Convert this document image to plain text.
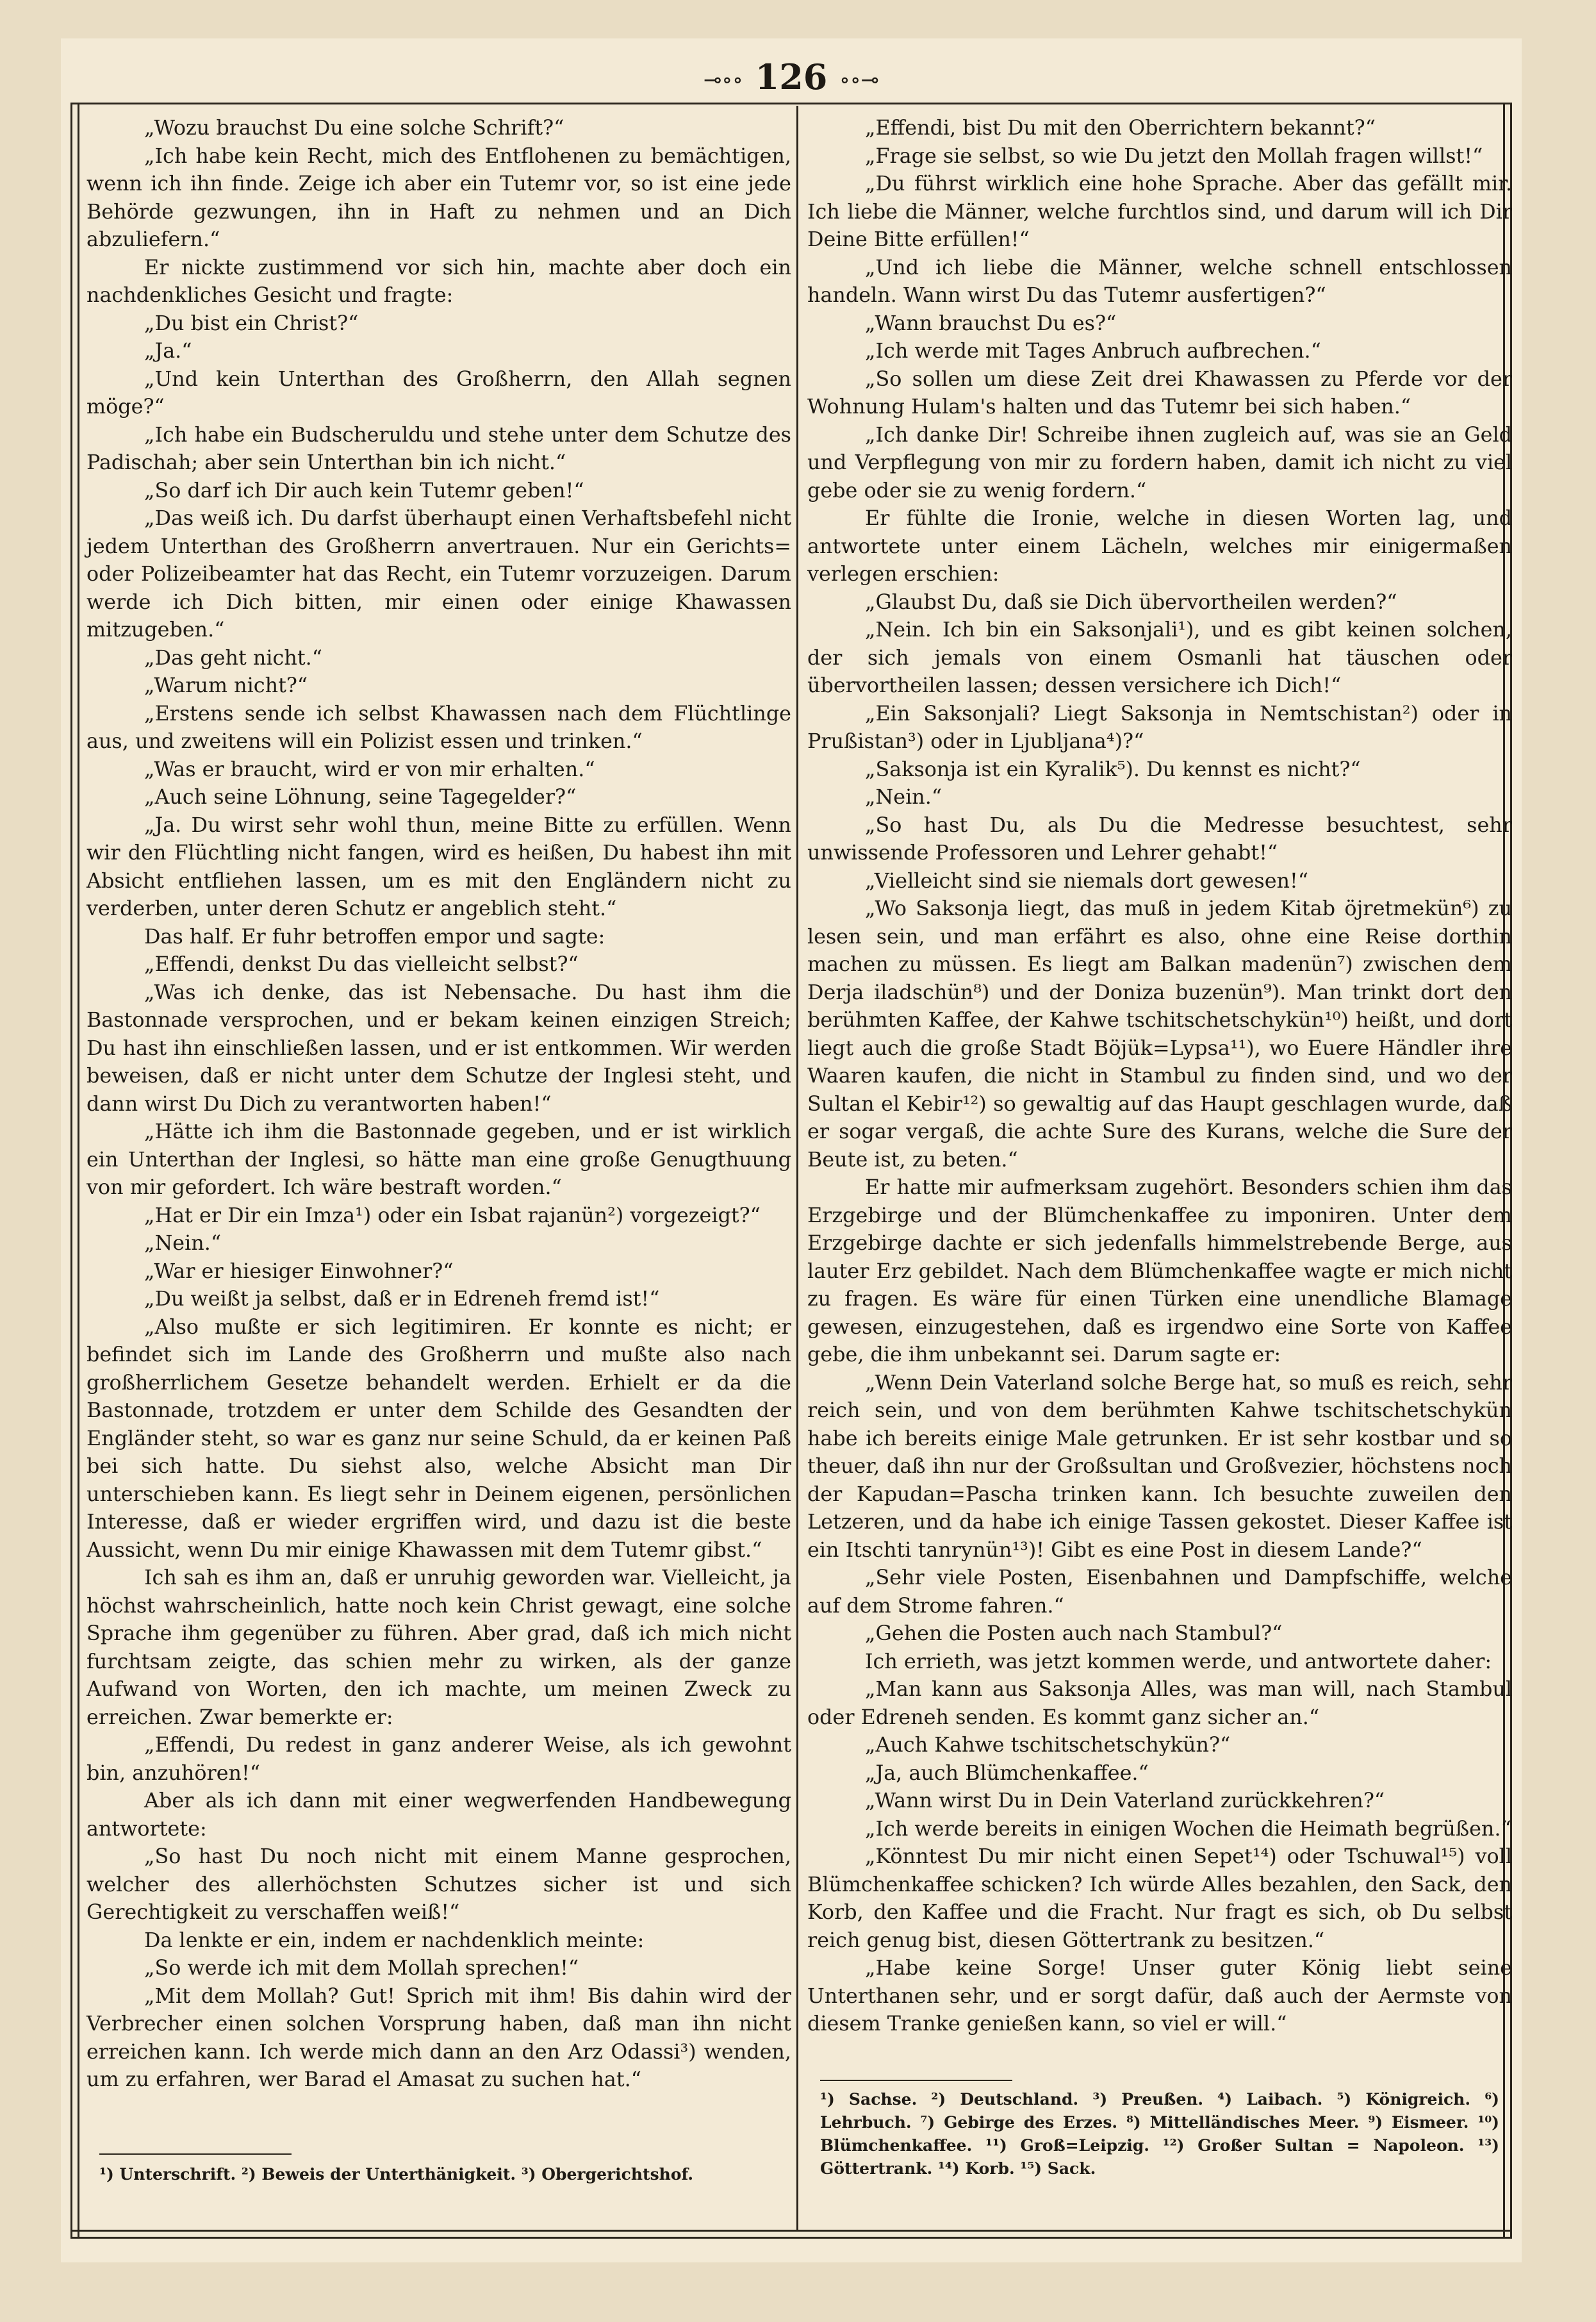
⊸∘∘ 126 ∘∘⊸

„Wozu brauchst Du eine solche Schrift?“

„Ich habe kein Recht, mich des Entflohenen zu bemächtigen, wenn ich ihn finde. Zeige ich aber ein Tutemr vor, so ist eine jede Behörde gezwungen, ihn in Haft zu nehmen und an Dich abzuliefern.“

Er nickte zustimmend vor sich hin, machte aber doch ein nachdenkliches Gesicht und fragte:

„Du bist ein Christ?“

„Ja.“

„Und kein Unterthan des Großherrn, den Allah segnen möge?“

„Ich habe ein Budscheruldu und stehe unter dem Schutze des Padischah; aber sein Unterthan bin ich nicht.“

„So darf ich Dir auch kein Tutemr geben!“

„Das weiß ich. Du darfst überhaupt einen Verhaftsbefehl nicht jedem Unterthan des Großherrn anvertrauen. Nur ein Gerichts= oder Polizeibeamter hat das Recht, ein Tutemr vorzuzeigen. Darum werde ich Dich bitten, mir einen oder einige Khawassen mitzugeben.“

„Das geht nicht.“

„Warum nicht?“

„Erstens sende ich selbst Khawassen nach dem Flüchtlinge aus, und zweitens will ein Polizist essen und trinken.“

„Was er braucht, wird er von mir erhalten.“

„Auch seine Löhnung, seine Tagegelder?“

„Ja. Du wirst sehr wohl thun, meine Bitte zu erfüllen. Wenn wir den Flüchtling nicht fangen, wird es heißen, Du habest ihn mit Absicht entfliehen lassen, um es mit den Engländern nicht zu verderben, unter deren Schutz er angeblich steht.“

Das half. Er fuhr betroffen empor und sagte:

„Effendi, denkst Du das vielleicht selbst?“

„Was ich denke, das ist Nebensache. Du hast ihm die Bastonnade versprochen, und er bekam keinen einzigen Streich; Du hast ihn einschließen lassen, und er ist entkommen. Wir werden beweisen, daß er nicht unter dem Schutze der Inglesi steht, und dann wirst Du Dich zu verantworten haben!“

„Hätte ich ihm die Bastonnade gegeben, und er ist wirklich ein Unterthan der Inglesi, so hätte man eine große Genugthuung von mir gefordert. Ich wäre bestraft worden.“

„Hat er Dir ein Imza¹) oder ein Isbat rajanün²) vorgezeigt?“

„Nein.“

„War er hiesiger Einwohner?“

„Du weißt ja selbst, daß er in Edreneh fremd ist!“

„Also mußte er sich legitimiren. Er konnte es nicht; er befindet sich im Lande des Großherrn und mußte also nach großherrlichem Gesetze behandelt werden. Erhielt er da die Bastonnade, trotzdem er unter dem Schilde des Gesandten der Engländer steht, so war es ganz nur seine Schuld, da er keinen Paß bei sich hatte. Du siehst also, welche Absicht man Dir unterschieben kann. Es liegt sehr in Deinem eigenen, persönlichen Interesse, daß er wieder ergriffen wird, und dazu ist die beste Aussicht, wenn Du mir einige Khawassen mit dem Tutemr gibst.“

Ich sah es ihm an, daß er unruhig geworden war. Vielleicht, ja höchst wahrscheinlich, hatte noch kein Christ gewagt, eine solche Sprache ihm gegenüber zu führen. Aber grad, daß ich mich nicht furchtsam zeigte, das schien mehr zu wirken, als der ganze Aufwand von Worten, den ich machte, um meinen Zweck zu erreichen. Zwar bemerkte er:

„Effendi, Du redest in ganz anderer Weise, als ich gewohnt bin, anzuhören!“

Aber als ich dann mit einer wegwerfenden Handbewegung antwortete:

„So hast Du noch nicht mit einem Manne gesprochen, welcher des allerhöchsten Schutzes sicher ist und sich Gerechtigkeit zu verschaffen weiß!“

Da lenkte er ein, indem er nachdenklich meinte:

„So werde ich mit dem Mollah sprechen!“

„Mit dem Mollah? Gut! Sprich mit ihm! Bis dahin wird der Verbrecher einen solchen Vorsprung haben, daß man ihn nicht erreichen kann. Ich werde mich dann an den Arz Odassi³) wenden, um zu erfahren, wer Barad el Amasat zu suchen hat.“

„Effendi, bist Du mit den Oberrichtern bekannt?“

„Frage sie selbst, so wie Du jetzt den Mollah fragen willst!“

„Du führst wirklich eine hohe Sprache. Aber das gefällt mir. Ich liebe die Männer, welche furchtlos sind, und darum will ich Dir Deine Bitte erfüllen!“

„Und ich liebe die Männer, welche schnell entschlossen handeln. Wann wirst Du das Tutemr ausfertigen?“

„Wann brauchst Du es?“

„Ich werde mit Tages Anbruch aufbrechen.“

„So sollen um diese Zeit drei Khawassen zu Pferde vor der Wohnung Hulam's halten und das Tutemr bei sich haben.“

„Ich danke Dir! Schreibe ihnen zugleich auf, was sie an Geld und Verpflegung von mir zu fordern haben, damit ich nicht zu viel gebe oder sie zu wenig fordern.“

Er fühlte die Ironie, welche in diesen Worten lag, und antwortete unter einem Lächeln, welches mir einigermaßen verlegen erschien:

„Glaubst Du, daß sie Dich übervortheilen werden?“

„Nein. Ich bin ein Saksonjali¹), und es gibt keinen solchen, der sich jemals von einem Osmanli hat täuschen oder übervortheilen lassen; dessen versichere ich Dich!“

„Ein Saksonjali? Liegt Saksonja in Nemtschistan²) oder in Prußistan³) oder in Ljubljana⁴)?“

„Saksonja ist ein Kyralik⁵). Du kennst es nicht?“

„Nein.“

„So hast Du, als Du die Medresse besuchtest, sehr unwissende Professoren und Lehrer gehabt!“

„Vielleicht sind sie niemals dort gewesen!“

„Wo Saksonja liegt, das muß in jedem Kitab öjretmekün⁶) zu lesen sein, und man erfährt es also, ohne eine Reise dorthin machen zu müssen. Es liegt am Balkan madenün⁷) zwischen dem Derja iladschün⁸) und der Doniza buzenün⁹). Man trinkt dort den berühmten Kaffee, der Kahwe tschitschetschykün¹⁰) heißt, und dort liegt auch die große Stadt Böjük=Lypsa¹¹), wo Euere Händler ihre Waaren kaufen, die nicht in Stambul zu finden sind, und wo der Sultan el Kebir¹²) so gewaltig auf das Haupt geschlagen wurde, daß er sogar vergaß, die achte Sure des Kurans, welche die Sure der Beute ist, zu beten.“

Er hatte mir aufmerksam zugehört. Besonders schien ihm das Erzgebirge und der Blümchenkaffee zu imponiren. Unter dem Erzgebirge dachte er sich jedenfalls himmelstrebende Berge, aus lauter Erz gebildet. Nach dem Blümchenkaffee wagte er mich nicht zu fragen. Es wäre für einen Türken eine unendliche Blamage gewesen, einzugestehen, daß es irgendwo eine Sorte von Kaffee gebe, die ihm unbekannt sei. Darum sagte er:

„Wenn Dein Vaterland solche Berge hat, so muß es reich, sehr reich sein, und von dem berühmten Kahwe tschitschetschykün habe ich bereits einige Male getrunken. Er ist sehr kostbar und so theuer, daß ihn nur der Großsultan und Großvezier, höchstens noch der Kapudan=Pascha trinken kann. Ich besuchte zuweilen den Letzeren, und da habe ich einige Tassen gekostet. Dieser Kaffee ist ein Itschti tanrynün¹³)! Gibt es eine Post in diesem Lande?“

„Sehr viele Posten, Eisenbahnen und Dampfschiffe, welche auf dem Strome fahren.“

„Gehen die Posten auch nach Stambul?“

Ich errieth, was jetzt kommen werde, und antwortete daher:

„Man kann aus Saksonja Alles, was man will, nach Stambul oder Edreneh senden. Es kommt ganz sicher an.“

„Auch Kahwe tschitschetschykün?“

„Ja, auch Blümchenkaffee.“

„Wann wirst Du in Dein Vaterland zurückkehren?“

„Ich werde bereits in einigen Wochen die Heimath begrüßen.“

„Könntest Du mir nicht einen Sepet¹⁴) oder Tschuwal¹⁵) voll Blümchenkaffee schicken? Ich würde Alles bezahlen, den Sack, den Korb, den Kaffee und die Fracht. Nur fragt es sich, ob Du selbst reich genug bist, diesen Göttertrank zu besitzen.“

„Habe keine Sorge! Unser guter König liebt seine Unterthanen sehr, und er sorgt dafür, daß auch der Aermste von diesem Tranke genießen kann, so viel er will.“

¹) Unterschrift. ²) Beweis der Unterthänigkeit. ³) Obergerichtshof.
¹) Sachse. ²) Deutschland. ³) Preußen. ⁴) Laibach. ⁵) Königreich. ⁶) Lehrbuch. ⁷) Gebirge des Erzes. ⁸) Mittelländisches Meer. ⁹) Eismeer. ¹⁰) Blümchenkaffee. ¹¹) Groß=Leipzig. ¹²) Großer Sultan = Napoleon. ¹³) Göttertrank. ¹⁴) Korb. ¹⁵) Sack.
